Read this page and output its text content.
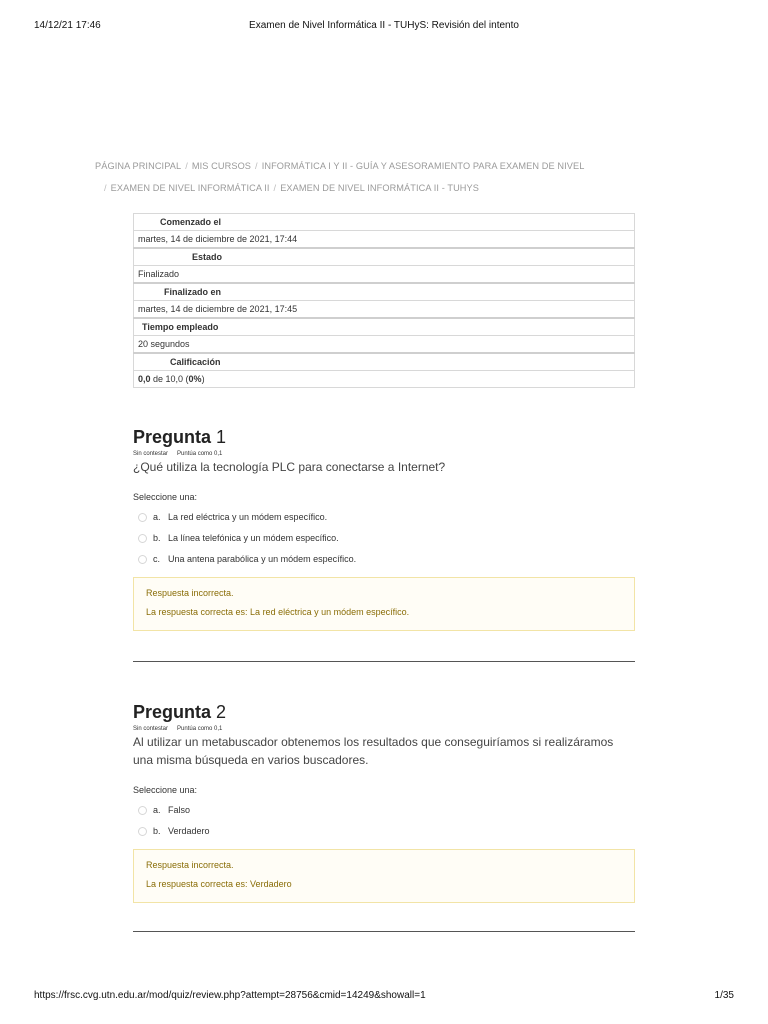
14/12/21 17:46	Examen de Nivel Informática II - TUHyS: Revisión del intento
PÁGINA PRINCIPAL / MIS CURSOS / INFORMÁTICA I Y II - GUÍA Y ASESORAMIENTO PARA EXAMEN DE NIVEL
/ EXAMEN DE NIVEL INFORMÁTICA II / EXAMEN DE NIVEL INFORMÁTICA II - TUHYS
Comenzado el
martes, 14 de diciembre de 2021, 17:44
Estado
Finalizado
Finalizado en
martes, 14 de diciembre de 2021, 17:45
Tiempo empleado
20 segundos
Calificación
0,0 de 10,0 (0%)
Pregunta 1
Sin contestar Puntúa como 0,1
¿Qué utiliza la tecnología PLC para conectarse a Internet?
Seleccione una:
a. La red eléctrica y un módem específico.
b. La línea telefónica y un módem específico.
c. Una antena parabólica y un módem específico.
Respuesta incorrecta.
La respuesta correcta es: La red eléctrica y un módem específico.
Pregunta 2
Sin contestar Puntúa como 0,1
Al utilizar un metabuscador obtenemos los resultados que conseguiríamos si realizáramos una misma búsqueda en varios buscadores.
Seleccione una:
a. Falso
b. Verdadero
Respuesta incorrecta.
La respuesta correcta es: Verdadero
https://frsc.cvg.utn.edu.ar/mod/quiz/review.php?attempt=28756&cmid=14249&showall=1	1/35
